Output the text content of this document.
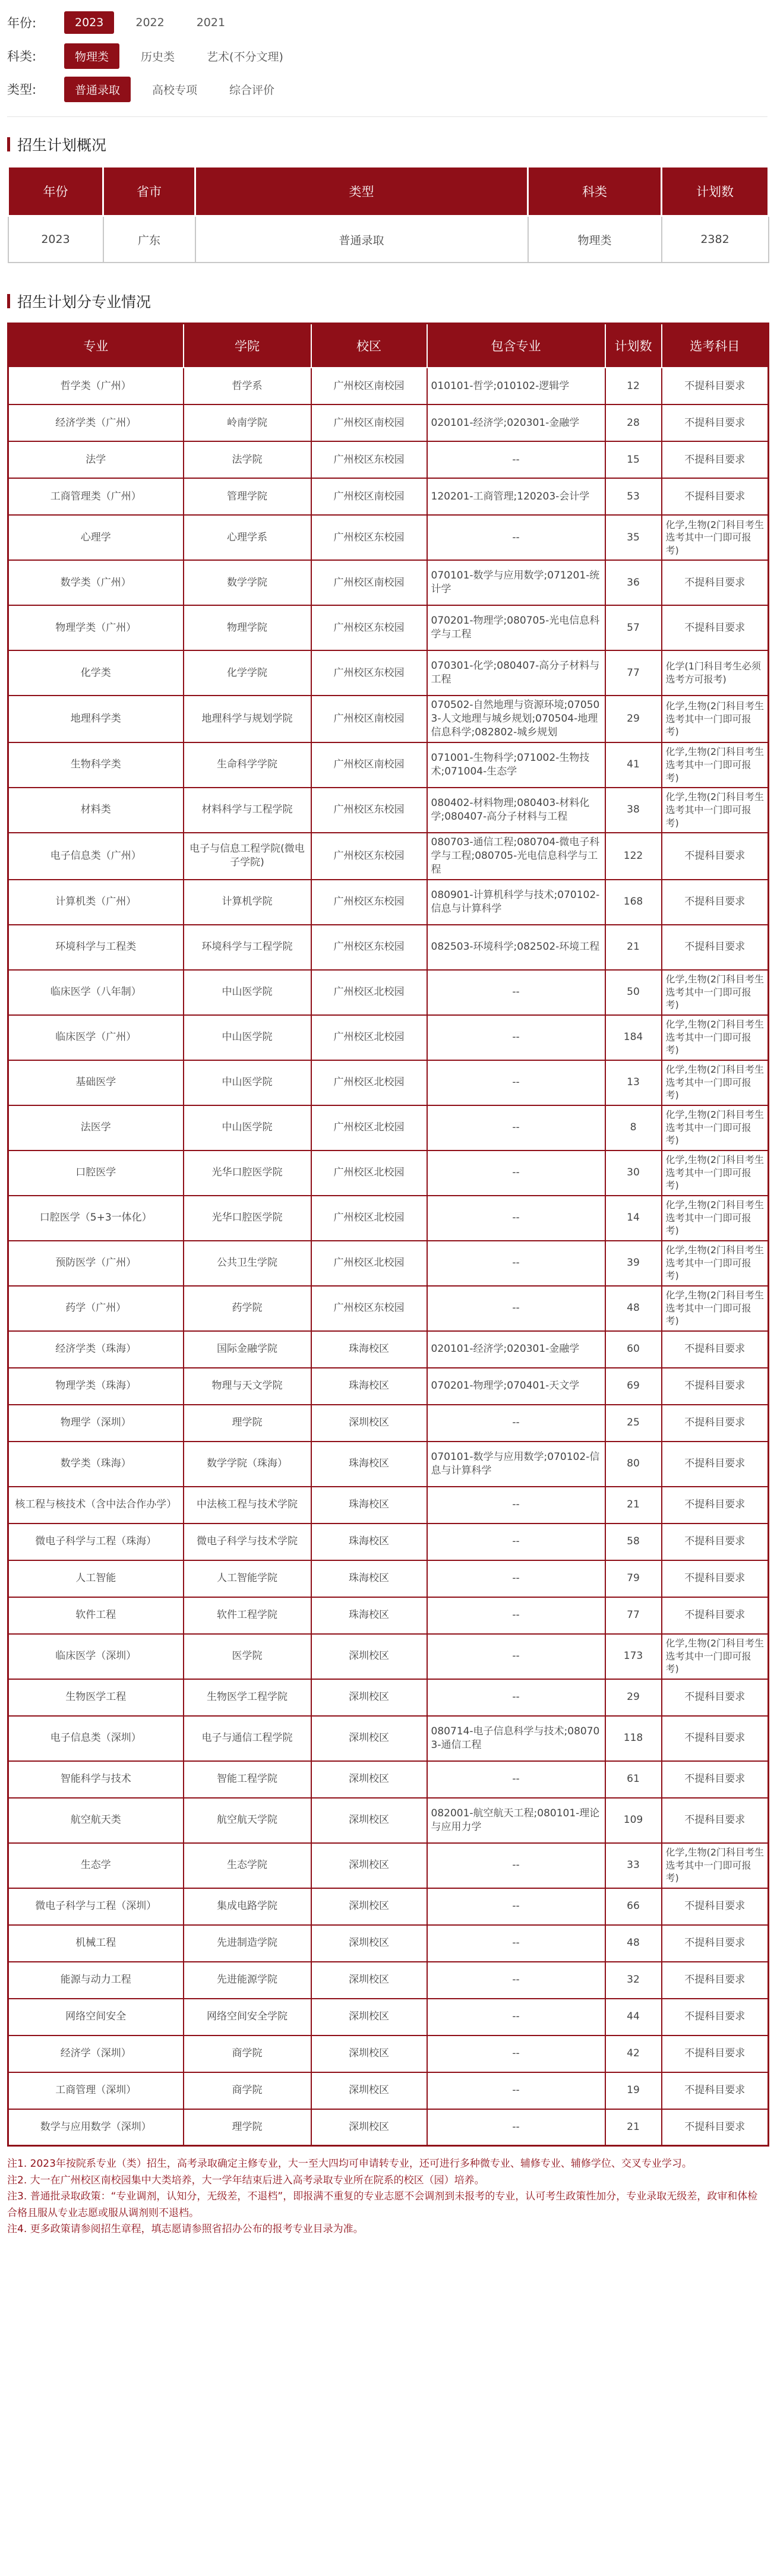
年份:	2023	2022	2021
科类:	物理类	历史类	艺术(不分文理)
类型:	普通录取	高校专项	综合评价
招生计划概况
年份	省市	类型	科类	计划数
2023	广东	普通录取	物理类	2382
招生计划分专业情况
专业	学院	校区	包含专业	计划数	选考科目
哲学类（广州）	哲学系	广州校区南校园	010101-哲学;010102-逻辑学	12	不提科目要求
经济学类（广州）	岭南学院	广州校区南校园	020101-经济学;020301-金融学	28	不提科目要求
法学	法学院	广州校区东校园	--	15	不提科目要求
工商管理类（广州）	管理学院	广州校区南校园	120201-工商管理;120203-会计学	53	不提科目要求
心理学	心理学系	广州校区东校园	--	35	化学,生物(2门科目考生选考其中一门即可报考)
数学类（广州）	数学学院	广州校区南校园	070101-数学与应用数学;071201-统计学	36	不提科目要求
物理学类（广州）	物理学院	广州校区东校园	070201-物理学;080705-光电信息科学与工程	57	不提科目要求
化学类	化学学院	广州校区东校园	070301-化学;080407-高分子材料与工程	77	化学(1门科目考生必须选考方可报考)
地理科学类	地理科学与规划学院	广州校区南校园	070502-自然地理与资源环境;070503-人文地理与城乡规划;070504-地理信息科学;082802-城乡规划	29	化学,生物(2门科目考生选考其中一门即可报考)
生物科学类	生命科学学院	广州校区南校园	071001-生物科学;071002-生物技术;071004-生态学	41	化学,生物(2门科目考生选考其中一门即可报考)
材料类	材料科学与工程学院	广州校区东校园	080402-材料物理;080403-材料化学;080407-高分子材料与工程	38	化学,生物(2门科目考生选考其中一门即可报考)
电子信息类（广州）	电子与信息工程学院(微电子学院)	广州校区东校园	080703-通信工程;080704-微电子科学与工程;080705-光电信息科学与工程	122	不提科目要求
计算机类（广州）	计算机学院	广州校区东校园	080901-计算机科学与技术;070102-信息与计算科学	168	不提科目要求
环境科学与工程类	环境科学与工程学院	广州校区东校园	082503-环境科学;082502-环境工程	21	不提科目要求
临床医学（八年制）	中山医学院	广州校区北校园	--	50	化学,生物(2门科目考生选考其中一门即可报考)
临床医学（广州）	中山医学院	广州校区北校园	--	184	化学,生物(2门科目考生选考其中一门即可报考)
基础医学	中山医学院	广州校区北校园	--	13	化学,生物(2门科目考生选考其中一门即可报考)
法医学	中山医学院	广州校区北校园	--	8	化学,生物(2门科目考生选考其中一门即可报考)
口腔医学	光华口腔医学院	广州校区北校园	--	30	化学,生物(2门科目考生选考其中一门即可报考)
口腔医学（5+3一体化）	光华口腔医学院	广州校区北校园	--	14	化学,生物(2门科目考生选考其中一门即可报考)
预防医学（广州）	公共卫生学院	广州校区北校园	--	39	化学,生物(2门科目考生选考其中一门即可报考)
药学（广州）	药学院	广州校区东校园	--	48	化学,生物(2门科目考生选考其中一门即可报考)
经济学类（珠海）	国际金融学院	珠海校区	020101-经济学;020301-金融学	60	不提科目要求
物理学类（珠海）	物理与天文学院	珠海校区	070201-物理学;070401-天文学	69	不提科目要求
物理学（深圳）	理学院	深圳校区	--	25	不提科目要求
数学类（珠海）	数学学院（珠海）	珠海校区	070101-数学与应用数学;070102-信息与计算科学	80	不提科目要求
核工程与核技术（含中法合作办学）	中法核工程与技术学院	珠海校区	--	21	不提科目要求
微电子科学与工程（珠海）	微电子科学与技术学院	珠海校区	--	58	不提科目要求
人工智能	人工智能学院	珠海校区	--	79	不提科目要求
软件工程	软件工程学院	珠海校区	--	77	不提科目要求
临床医学（深圳）	医学院	深圳校区	--	173	化学,生物(2门科目考生选考其中一门即可报考)
生物医学工程	生物医学工程学院	深圳校区	--	29	不提科目要求
电子信息类（深圳）	电子与通信工程学院	深圳校区	080714-电子信息科学与技术;080703-通信工程	118	不提科目要求
智能科学与技术	智能工程学院	深圳校区	--	61	不提科目要求
航空航天类	航空航天学院	深圳校区	082001-航空航天工程;080101-理论与应用力学	109	不提科目要求
生态学	生态学院	深圳校区	--	33	化学,生物(2门科目考生选考其中一门即可报考)
微电子科学与工程（深圳）	集成电路学院	深圳校区	--	66	不提科目要求
机械工程	先进制造学院	深圳校区	--	48	不提科目要求
能源与动力工程	先进能源学院	深圳校区	--	32	不提科目要求
网络空间安全	网络空间安全学院	深圳校区	--	44	不提科目要求
经济学（深圳）	商学院	深圳校区	--	42	不提科目要求
工商管理（深圳）	商学院	深圳校区	--	19	不提科目要求
数学与应用数学（深圳）	理学院	深圳校区	--	21	不提科目要求

注1. 2023年按院系专业（类）招生，高考录取确定主修专业，大一至大四均可申请转专业，还可进行多种微专业、辅修专业、辅修学位、交叉专业学习。

注2. 大一在广州校区南校园集中大类培养，大一学年结束后进入高考录取专业所在院系的校区（园）培养。

注3. 普通批录取政策：“专业调剂，认知分，无级差，不退档”，即报满不重复的专业志愿不会调剂到未报考的专业，认可考生政策性加分，专业录取无级差，政审和体检合格且服从专业志愿或服从调剂则不退档。

注4. 更多政策请参阅招生章程，填志愿请参照省招办公布的报考专业目录为准。
